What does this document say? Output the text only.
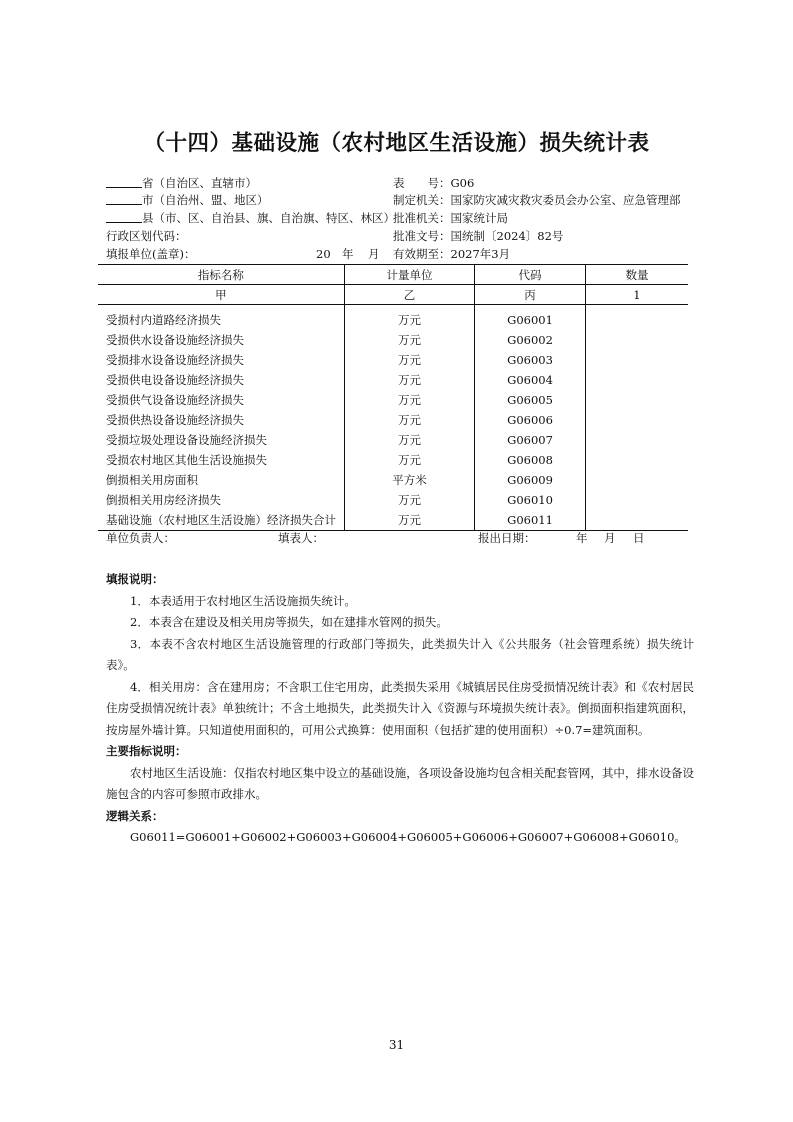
（十四）基础设施（农村地区生活设施）损失统计表
省（自治区、直辖市）
市（自治州、盟、地区）
县（市、区、自治县、旗、自治旗、特区、林区）
行政区划代码：
填报单位(盖章)：	20 年 月
表　　号：G06
制定机关：国家防灾减灾救灾委员会办公室、应急管理部
批准机关：国家统计局
批准文号：国统制〔2024〕82号
有效期至：2027年3月
指标名称	计量单位	代码	数量
甲	乙	丙	1

受损村内道路经济损失	万元	G06001	
受损供水设备设施经济损失	万元	G06002	
受损排水设备设施经济损失	万元	G06003	
受损供电设备设施经济损失	万元	G06004	
受损供气设备设施经济损失	万元	G06005	
受损供热设备设施经济损失	万元	G06006	
受损垃圾处理设备设施经济损失	万元	G06007	
受损农村地区其他生活设施损失	万元	G06008	
倒损相关用房面积	平方米	G06009	
倒损相关用房经济损失	万元	G06010	
基础设施（农村地区生活设施）经济损失合计	万元	G06011	
单位负责人：	填表人：	报出日期：	年 月 日
填报说明：
1．本表适用于农村地区生活设施损失统计。
2．本表含在建设及相关用房等损失，如在建排水管网的损失。
3．本表不含农村地区生活设施管理的行政部门等损失，此类损失计入《公共服务（社会管理系统）损失统计表》。
4．相关用房：含在建用房；不含职工住宅用房，此类损失采用《城镇居民住房受损情况统计表》和《农村居民住房受损情况统计表》单独统计；不含土地损失，此类损失计入《资源与环境损失统计表》。倒损面积指建筑面积，按房屋外墙计算。只知道使用面积的，可用公式换算：使用面积（包括扩建的使用面积）÷0.7=建筑面积。
主要指标说明：
农村地区生活设施：仅指农村地区集中设立的基础设施，各项设备设施均包含相关配套管网，其中，排水设备设施包含的内容可参照市政排水。
逻辑关系：
G06011=G06001+G06002+G06003+G06004+G06005+G06006+G06007+G06008+G06010。
31
